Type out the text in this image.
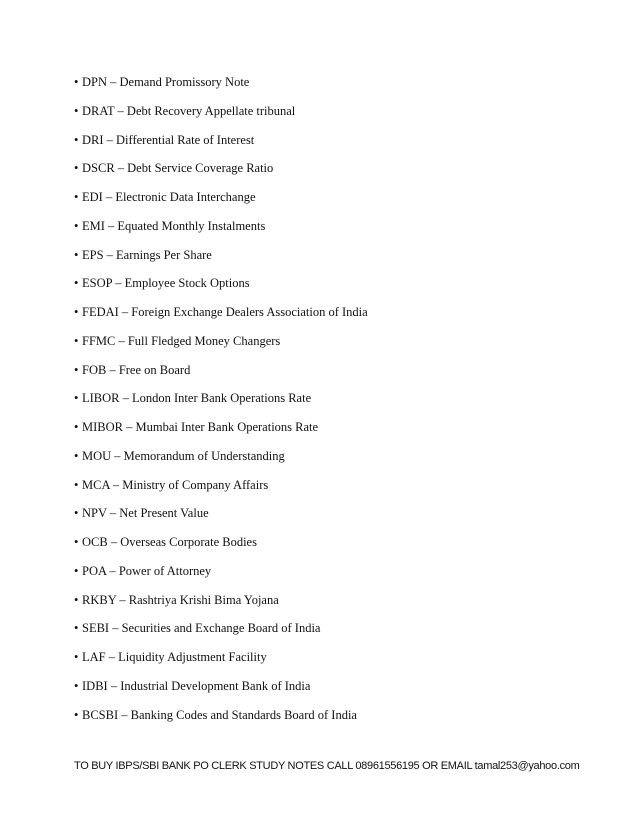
• DPN – Demand Promissory Note
• DRAT – Debt Recovery Appellate tribunal
• DRI – Differential Rate of Interest
• DSCR – Debt Service Coverage Ratio
• EDI – Electronic Data Interchange
• EMI – Equated Monthly Instalments
• EPS – Earnings Per Share
• ESOP – Employee Stock Options
• FEDAI – Foreign Exchange Dealers Association of India
• FFMC – Full Fledged Money Changers
• FOB – Free on Board
• LIBOR – London Inter Bank Operations Rate
• MIBOR – Mumbai Inter Bank Operations Rate
• MOU – Memorandum of Understanding
• MCA – Ministry of Company Affairs
• NPV – Net Present Value
• OCB – Overseas Corporate Bodies
• POA – Power of Attorney
• RKBY – Rashtriya Krishi Bima Yojana
• SEBI – Securities and Exchange Board of India
• LAF – Liquidity Adjustment Facility
• IDBI – Industrial Development Bank of India
• BCSBI – Banking Codes and Standards Board of India
TO BUY IBPS/SBI BANK PO CLERK STUDY NOTES CALL 08961556195 OR EMAIL tamal253@yahoo.com
